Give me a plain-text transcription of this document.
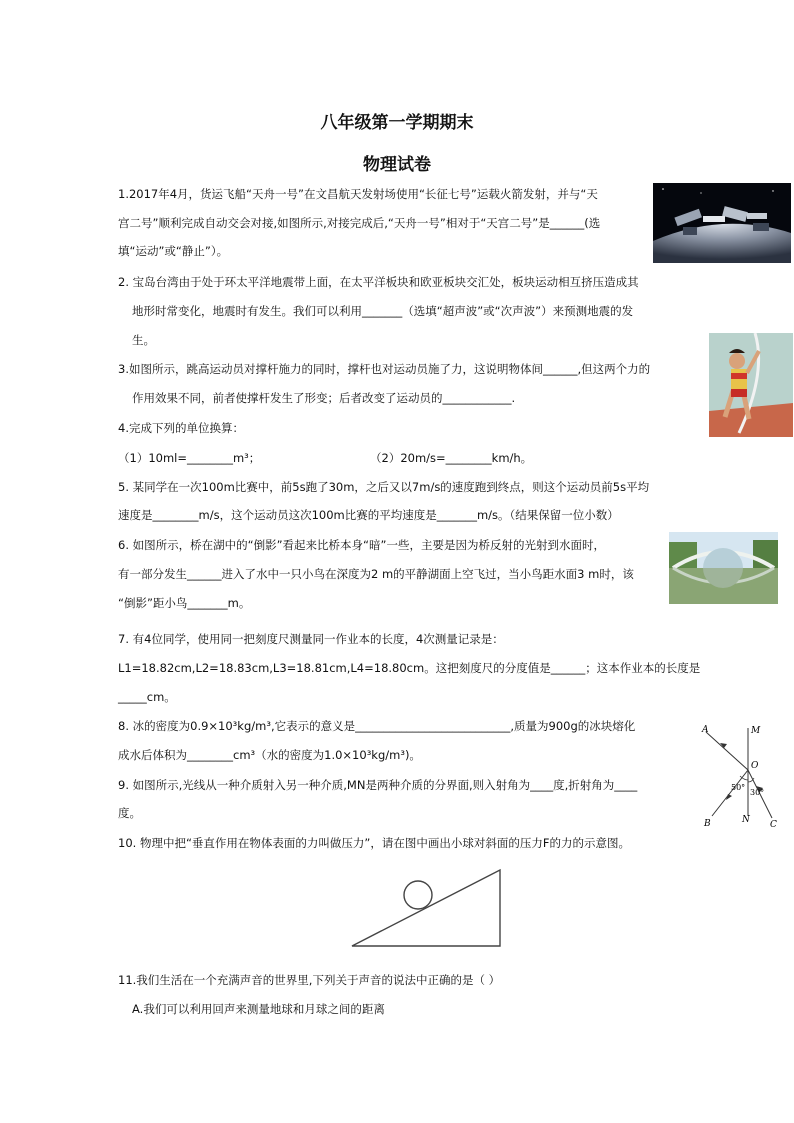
八年级第一学期期末
物理试卷
1.2017年4月，货运飞船“天舟一号”在文昌航天发射场使用“长征七号”运载火箭发射，并与“天
宫二号”顺利完成自动交会对接,如图所示,对接完成后,“天舟一号”相对于“天宫二号”是______(选
填“运动”或“静止”）。
2. 宝岛台湾由于处于环太平洋地震带上面，在太平洋板块和欧亚板块交汇处，板块运动相互挤压造成其
地形时常变化，地震时有发生。我们可以利用_______（选填“超声波”或“次声波”）来预测地震的发
生。
3.如图所示，跳高运动员对撑杆施力的同时，撑杆也对运动员施了力，这说明物体间______,但这两个力的
作用效果不同，前者使撑杆发生了形变；后者改变了运动员的____________.
4.完成下列的单位换算：
（1）10ml=________m³；	（2）20m/s=________km/h。
5. 某同学在一次100m比赛中，前5s跑了30m，之后又以7m/s的速度跑到终点，则这个运动员前5s平均
速度是________m/s，这个运动员这次100m比赛的平均速度是_______m/s。（结果保留一位小数）
6. 如图所示，桥在湖中的“倒影”看起来比桥本身“暗”一些，主要是因为桥反射的光射到水面时，
有一部分发生______进入了水中一只小鸟在深度为2 m的平静湖面上空飞过，当小鸟距水面3 m时，该
“倒影”距小鸟_______m。
7. 有4位同学，使用同一把刻度尺测量同一作业本的长度，4次测量记录是：
L1=18.82cm,L2=18.83cm,L3=18.81cm,L4=18.80cm。这把刻度尺的分度值是______；这本作业本的长度是
_____cm。
8. 冰的密度为0.9×10³kg/m³,它表示的意义是___________________________,质量为900g的冰块熔化
成水后体积为________cm³（水的密度为1.0×10³kg/m³)。
A	M
O
B	N C
50°
30°
9. 如图所示,光线从一种介质射入另一种介质,MN是两种介质的分界面,则入射角为____度,折射角为____
度。
10. 物理中把“垂直作用在物体表面的力叫做压力”，请在图中画出小球对斜面的压力F的力的示意图。
11.我们生活在一个充满声音的世界里,下列关于声音的说法中正确的是（ ）
A.我们可以利用回声来测量地球和月球之间的距离
